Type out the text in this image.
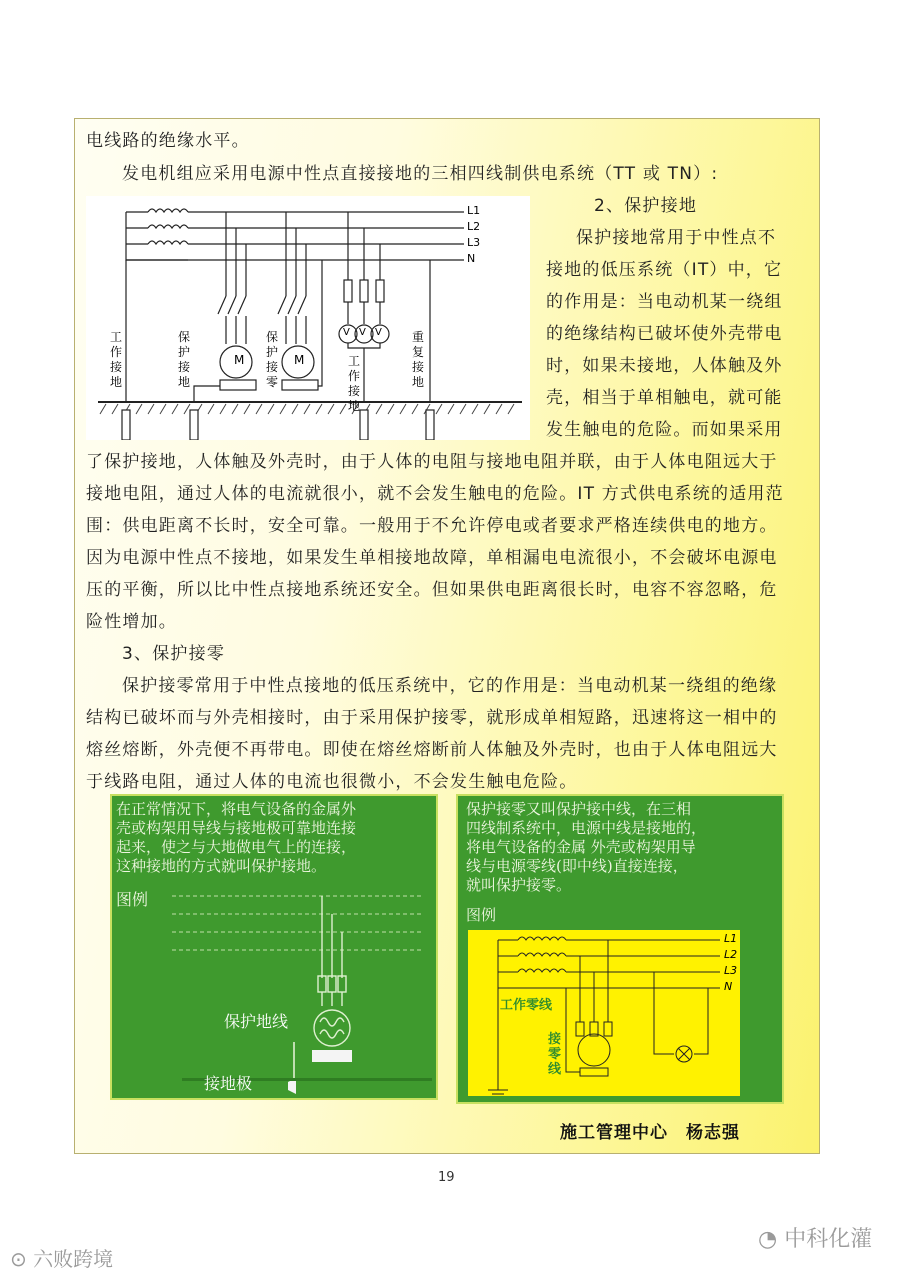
电线路的绝缘水平。
发电机组应采用电源中性点直接接地的三相四线制供电系统（TT 或 TN）:
2、保护接地
保护接地常用于中性点不
接地的低压系统（IT）中，它
的作用是：当电动机某一绕组
的绝缘结构已破坏使外壳带电
时，如果未接地，人体触及外
壳，相当于单相触电，就可能
发生触电的危险。而如果采用
了保护接地，人体触及外壳时，由于人体的电阻与接地电阻并联，由于人体电阻远大于
接地电阻，通过人体的电流就很小，就不会发生触电的危险。IT 方式供电系统的适用范
围：供电距离不长时，安全可靠。一般用于不允许停电或者要求严格连续供电的地方。
因为电源中性点不接地，如果发生单相接地故障，单相漏电电流很小，不会破坏电源电
压的平衡，所以比中性点接地系统还安全。但如果供电距离很长时，电容不容忽略，危
险性增加。
3、保护接零
保护接零常用于中性点接地的低压系统中，它的作用是：当电动机某一绕组的绝缘
结构已破坏而与外壳相接时，由于采用保护接零，就形成单相短路，迅速将这一相中的
熔丝熔断，外壳便不再带电。即使在熔丝熔断前人体触及外壳时，也由于人体电阻远大
于线路电阻，通过人体的电流也很微小，不会发生触电危险。
M	M
L1
L2
L3
N
工作接地
保护接地
保护接零
工作接地
重复接地
V V V
在正常情况下，将电气设备的金属外
壳或构架用导线与接地极可靠地连接
起来，使之与大地做电气上的连接，
这种接地的方式就叫保护接地。
图例
保护地线
接地极
保护接零又叫保护接中线，在三相
四线制系统中，电源中线是接地的，
将电气设备的金属 外壳或构架用导
线与电源零线(即中线)直接连接，
就叫保护接零。
图例
L1
L2
L3
N
工作零线
接零线
施工管理中心　杨志强
19
⊙ 六败跨境
◔ 中科化灌
